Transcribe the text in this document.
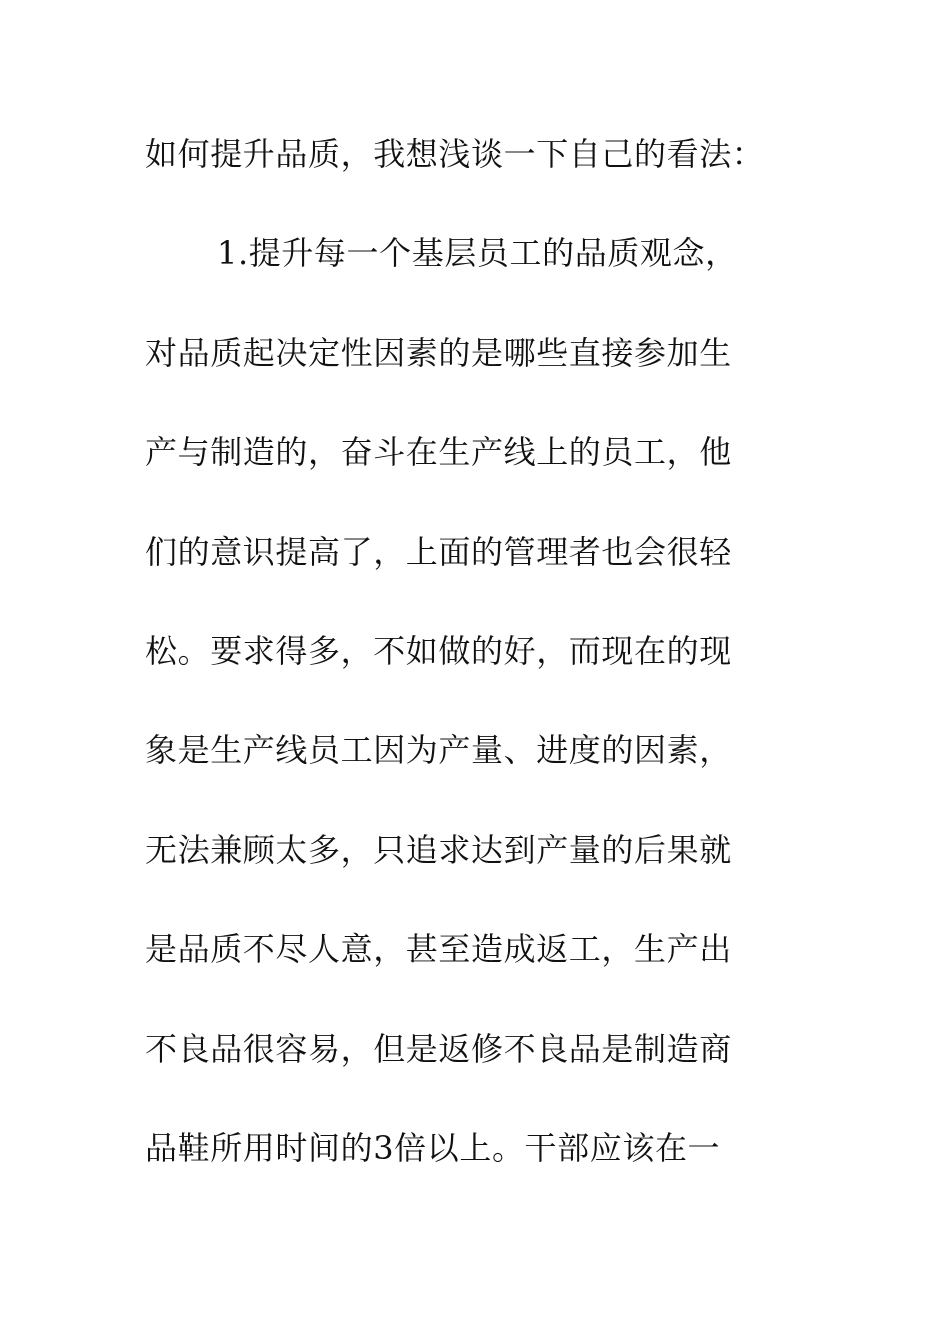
如何提升品质，我想浅谈一下自己的看法：
1.提升每一个基层员工的品质观念，
对品质起决定性因素的是哪些直接参加生
产与制造的，奋斗在生产线上的员工，他
们的意识提高了，上面的管理者也会很轻
松。要求得多，不如做的好，而现在的现
象是生产线员工因为产量、进度的因素，
无法兼顾太多，只追求达到产量的后果就
是品质不尽人意，甚至造成返工，生产出
不良品很容易，但是返修不良品是制造商
品鞋所用时间的3倍以上。干部应该在一
